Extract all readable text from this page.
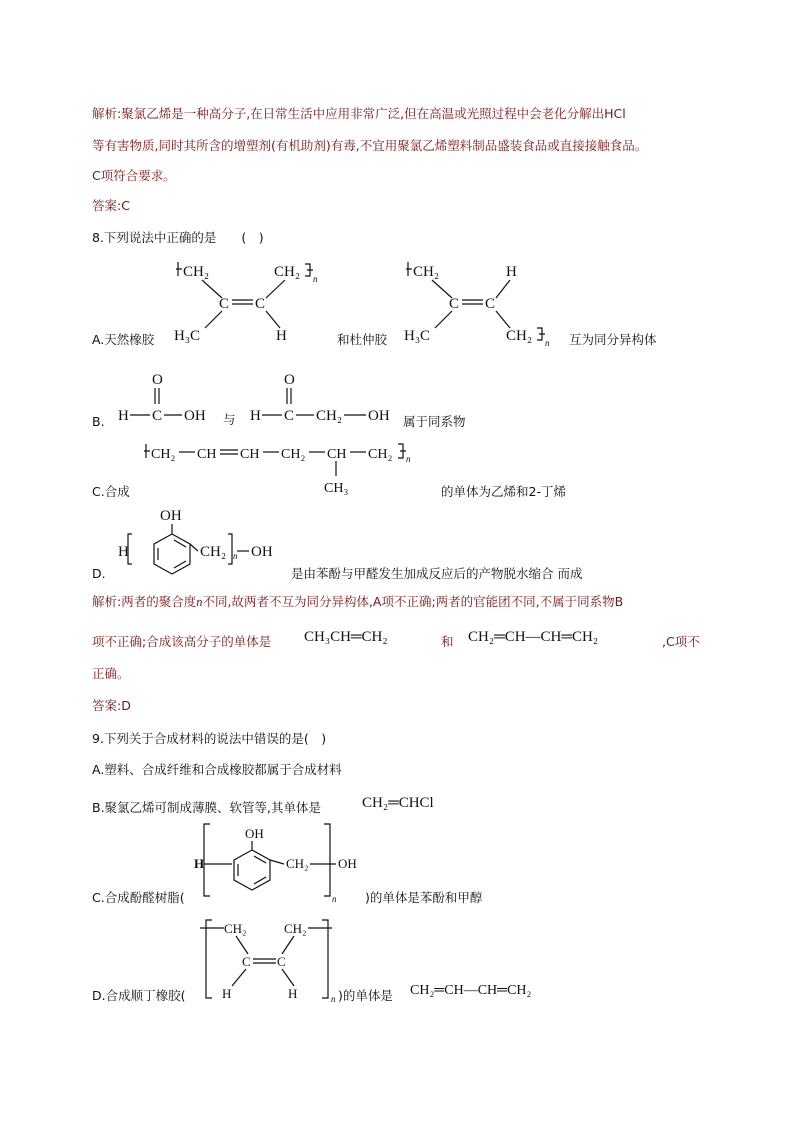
解析:聚氯乙烯是一种高分子,在日常生活中应用非常广泛,但在高温或光照过程中会老化分解出HCl
等有害物质,同时其所含的增塑剂(有机助剂)有毒,不宜用聚氯乙烯塑料制品盛装食品或直接接触食品。
C项符合要求。
答案:C
8.下列说法中正确的是　　(　)
CH₂	CH₂ n
C C
H₃C	H
A.天然橡胶	和杜仲胶
CH₂	H
C C
H₃C	CH₂ n 互为同分异构体
B.
O
H C OH 与
O
H C CH₂ OH 属于同系物
CH₂ CH CH CH₂ CH CH₂ n
CH₃
C.合成	的单体为乙烯和2-丁烯
OH
H	CH₂ n OH
D.	是由苯酚与甲醛发生加成反应后的产物脱水缩合 而成
解析:两者的聚合度n不同,故两者不互为同分异构体,A项不正确;两者的官能团不同,不属于同系物B
项不正确;合成该高分子的单体是 CH₃CH═CH₂	和 CH₂═CH—CH═CH₂	,C项不
正确。
答案:D
9.下列关于合成材料的说法中错误的是(　)
A.塑料、合成纤维和合成橡胶都属于合成材料
B.聚氯乙烯可制成薄膜、软管等,其单体是	CH₂═CHCl
OH
H	CH₂
n
OH
C.合成酚醛树脂(	)的单体是苯酚和甲醇
CH₂	CH₂
n
C C
H	H
D.合成顺丁橡胶(	)的单体是 CH₂═CH—CH═CH₂
